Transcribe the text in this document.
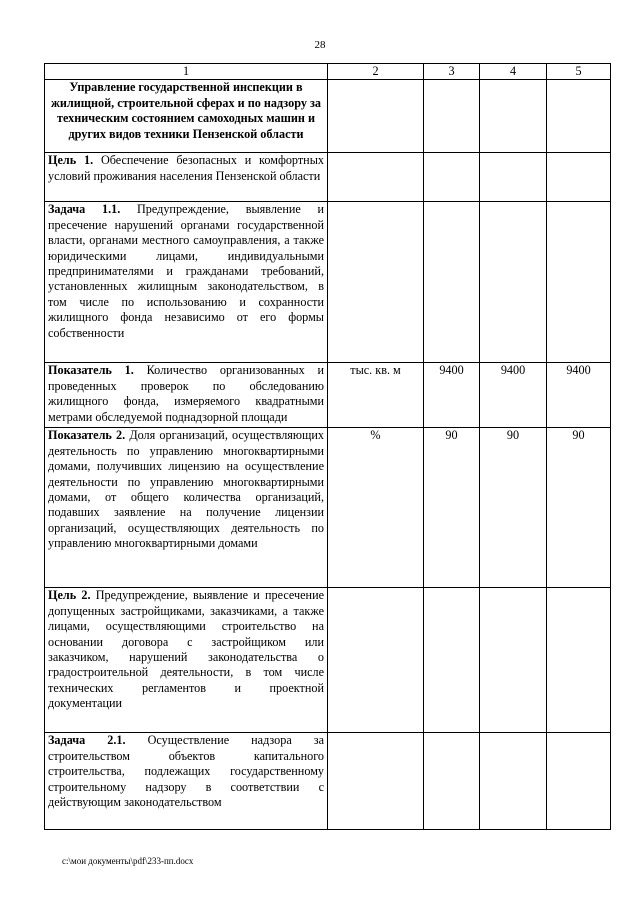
28
1	2	3	4	5

Управление государственной инспекции в жилищной, строительной сферах и по надзору за техническим состоянием самоходных машин и других видов техники Пензенской области				

Цель 1. Обеспечение безопасных и комфортных условий проживания населения Пензенской области				

Задача 1.1. Предупреждение, выявление и пресечение нарушений органами государственной власти, органами местного самоуправления, а также юридическими лицами, индивидуальными предпринимателями и гражданами требований, установленных жилищным законодательством, в том числе по использованию и сохранности жилищного фонда независимо от его формы собственности				

Показатель 1. Количество организованных и проведенных проверок по обследованию жилищного фонда, измеряемого квадратными метрами обследуемой поднадзорной площади	тыс. кв. м	9400	9400	9400

Показатель 2. Доля организаций, осуществляющих деятельность по управлению многоквартирными домами, получивших лицензию на осуществление деятельности по управлению многоквартирными домами, от общего количества организаций, подавших заявление на получение лицензии организаций, осуществляющих деятельность по управлению многоквартирными домами	%	90	90	90

Цель 2. Предупреждение, выявление и пресечение допущенных застройщиками, заказчиками, а также лицами, осуществляющими строительство на основании договора с застройщиком или заказчиком, нарушений законодательства о градостроительной деятельности, в том числе технических регламентов и проектной документации				

Задача 2.1. Осуществление надзора за строительством объектов капитального строительства, подлежащих государственному строительному надзору в соответствии с действующим законодательством				

c:\мои документы\pdf\233-пп.docx
